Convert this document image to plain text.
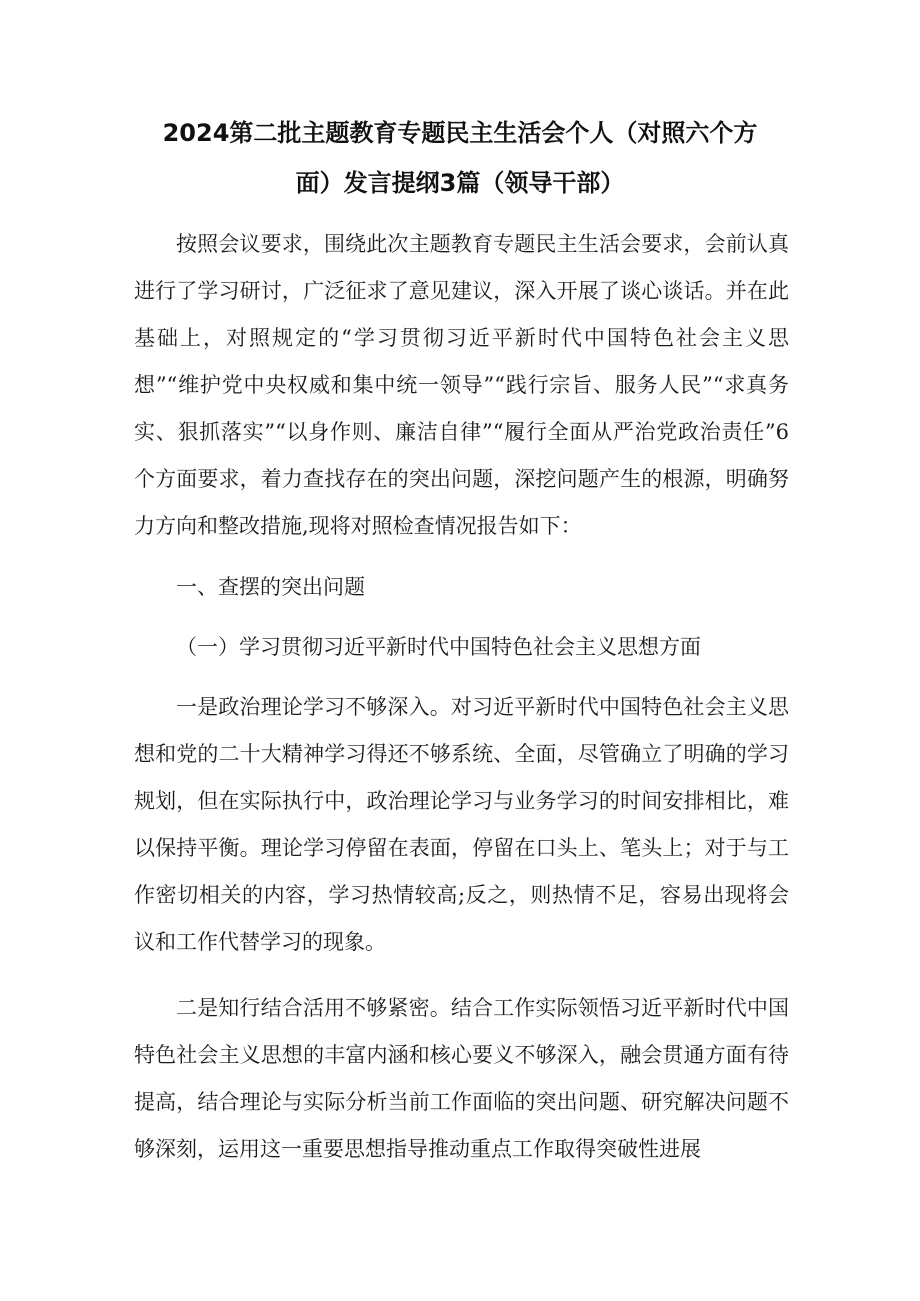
2024第二批主题教育专题民主生活会个人（对照六个方
面）发言提纲3篇（领导干部）

按照会议要求，围绕此次主题教育专题民主生活会要求，会前认真进行了学习研讨，广泛征求了意见建议，深入开展了谈心谈话。并在此基础上，对照规定的“学习贯彻习近平新时代中国特色社会主义思想”“维护党中央权威和集中统一领导”“践行宗旨、服务人民”“求真务实、狠抓落实”“以身作则、廉洁自律”“履行全面从严治党政治责任”6个方面要求，着力查找存在的突出问题，深挖问题产生的根源，明确努力方向和整改措施,现将对照检查情况报告如下：

一、查摆的突出问题

（一）学习贯彻习近平新时代中国特色社会主义思想方面

一是政治理论学习不够深入。对习近平新时代中国特色社会主义思想和党的二十大精神学习得还不够系统、全面，尽管确立了明确的学习规划，但在实际执行中，政治理论学习与业务学习的时间安排相比，难以保持平衡。理论学习停留在表面，停留在口头上、笔头上；对于与工作密切相关的内容，学习热情较高;反之，则热情不足，容易出现将会议和工作代替学习的现象。

二是知行结合活用不够紧密。结合工作实际领悟习近平新时代中国特色社会主义思想的丰富内涵和核心要义不够深入，融会贯通方面有待提高，结合理论与实际分析当前工作面临的突出问题、研究解决问题不够深刻，运用这一重要思想指导推动重点工作取得突破性进展
